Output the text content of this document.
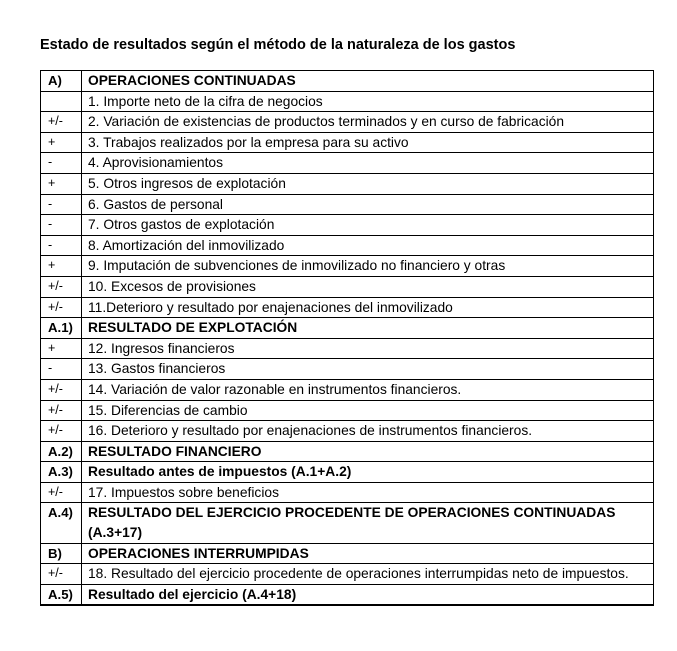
Estado de resultados según el método de la naturaleza de los gastos
A)	OPERACIONES CONTINUADAS
	1. Importe neto de la cifra de negocios
+/-	2. Variación de existencias de productos terminados y en curso de fabricación
+	3. Trabajos realizados por la empresa para su activo
-	4. Aprovisionamientos
+	5. Otros ingresos de explotación
-	6. Gastos de personal
-	7. Otros gastos de explotación
-	8. Amortización del inmovilizado
+	9. Imputación de subvenciones de inmovilizado no financiero y otras
+/-	10. Excesos de provisiones
+/-	11.Deterioro y resultado por enajenaciones del inmovilizado
A.1)	RESULTADO DE EXPLOTACIÓN
+	12. Ingresos financieros
-	13. Gastos financieros
+/-	14. Variación de valor razonable en instrumentos financieros.
+/-	15. Diferencias de cambio
+/-	16. Deterioro y resultado por enajenaciones de instrumentos financieros.
A.2)	RESULTADO FINANCIERO
A.3)	Resultado antes de impuestos (A.1+A.2)
+/-	17. Impuestos sobre beneficios
A.4)	RESULTADO DEL EJERCICIO PROCEDENTE DE OPERACIONES CONTINUADAS (A.3+17)
B)	OPERACIONES INTERRUMPIDAS
+/-	18. Resultado del ejercicio procedente de operaciones interrumpidas neto de impuestos.
A.5)	Resultado del ejercicio (A.4+18)
